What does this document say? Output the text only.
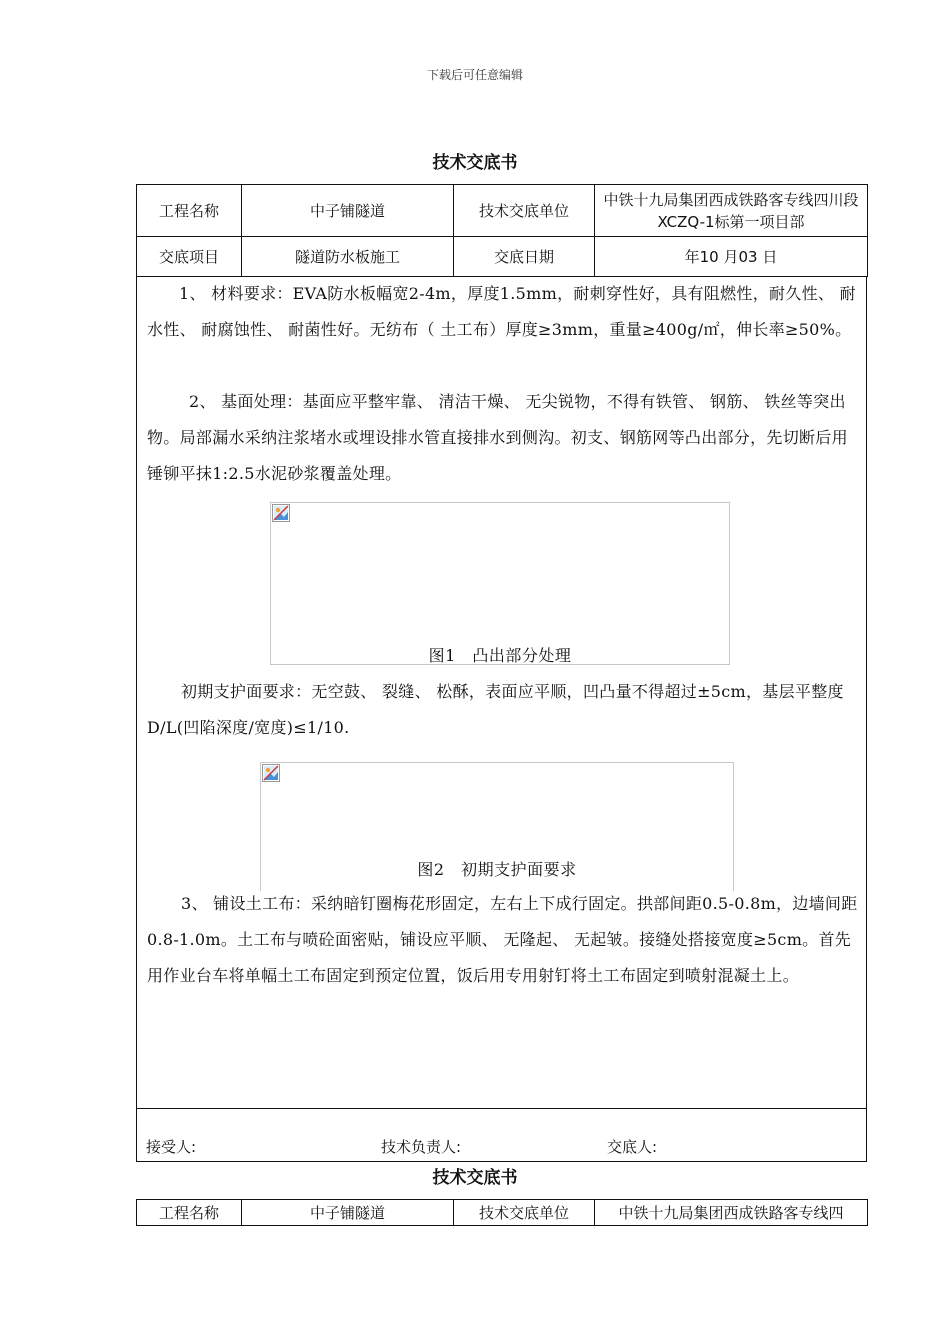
下载后可任意编辑
技术交底书
工程名称	中子铺隧道	技术交底单位	中铁十九局集团西成铁路客专线四川段XCZQ-1标第一项目部
交底项目	隧道防水板施工	交底日期	年10 月03 日

1、 材料要求：EVA防水板幅宽2-4m，厚度1.5mm，耐刺穿性好，具有阻燃性，耐久性、 耐水性、 耐腐蚀性、 耐菌性好。无纺布（ 土工布）厚度≥3mm，重量≥400g/㎡，伸长率≥50%。

2、 基面处理：基面应平整牢靠、 清洁干燥、 无尖锐物，不得有铁管、 钢筋、 铁丝等突出物。局部漏水采纳注浆堵水或埋设排水管直接排水到侧沟。初支、钢筋网等凸出部分，先切断后用锤铆平抹1:2.5水泥砂浆覆盖处理。

图1　凸出部分处理

初期支护面要求：无空鼓、 裂缝、 松酥，表面应平顺，凹凸量不得超过±5cm，基层平整度D/L(凹陷深度/宽度)≤1/10.

图2　初期支护面要求

3、 铺设土工布：采纳暗钉圈梅花形固定，左右上下成行固定。拱部间距0.5-0.8m，边墙间距0.8-1.0m。土工布与喷砼面密贴，铺设应平顺、 无隆起、 无起皱。接缝处搭接宽度≥5cm。首先用作业台车将单幅土工布固定到预定位置，饭后用专用射钉将土工布固定到喷射混凝土上。

接受人:	技术负责人:	交底人:
技术交底书
工程名称	中子铺隧道	技术交底单位	中铁十九局集团西成铁路客专线四
